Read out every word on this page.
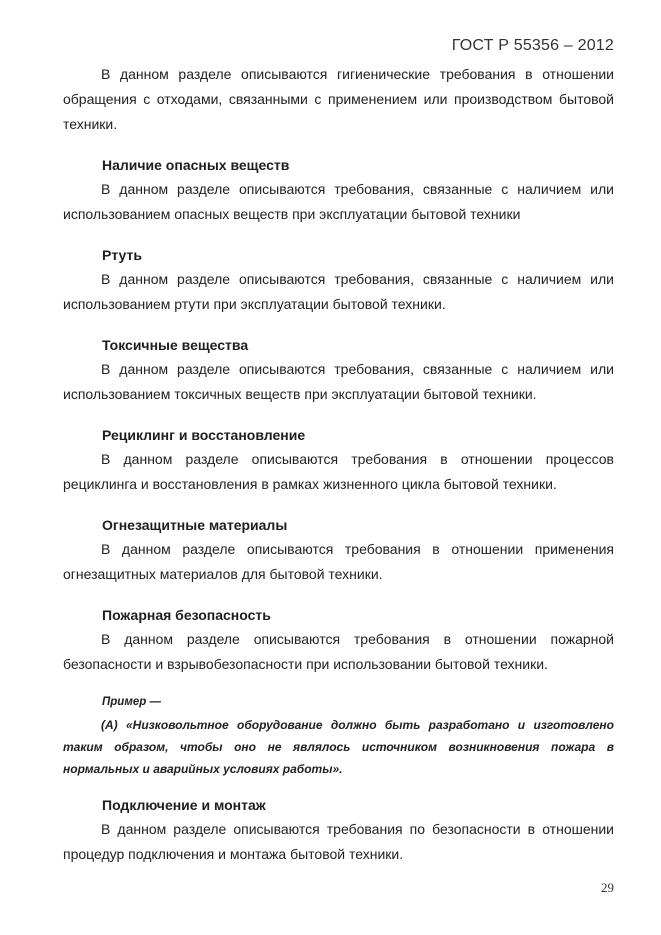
ГОСТ Р 55356 – 2012
В данном разделе описываются гигиенические требования в отношении обращения с отходами, связанными с применением или производством бытовой техники.
Наличие опасных веществ
В данном разделе описываются требования, связанные с наличием или использованием опасных веществ при эксплуатации бытовой техники
Ртуть
В данном разделе описываются требования, связанные с наличием или использованием ртути при эксплуатации бытовой техники.
Токсичные вещества
В данном разделе описываются требования, связанные с наличием или использованием токсичных веществ при эксплуатации бытовой техники.
Рециклинг и восстановление
В данном разделе описываются требования в отношении процессов рециклинга и восстановления в рамках жизненного цикла бытовой техники.
Огнезащитные материалы
В данном разделе описываются требования в отношении применения огнезащитных материалов для бытовой техники.
Пожарная безопасность
В данном разделе описываются требования в отношении пожарной безопасности и взрывобезопасности при использовании бытовой техники.
Пример —
(A) «Низковольтное оборудование должно быть разработано и изготовлено таким образом, чтобы оно не являлось источником возникновения пожара в нормальных и аварийных условиях работы».
Подключение и монтаж
В данном разделе описываются требования по безопасности в отношении процедур подключения и монтажа бытовой техники.
29
